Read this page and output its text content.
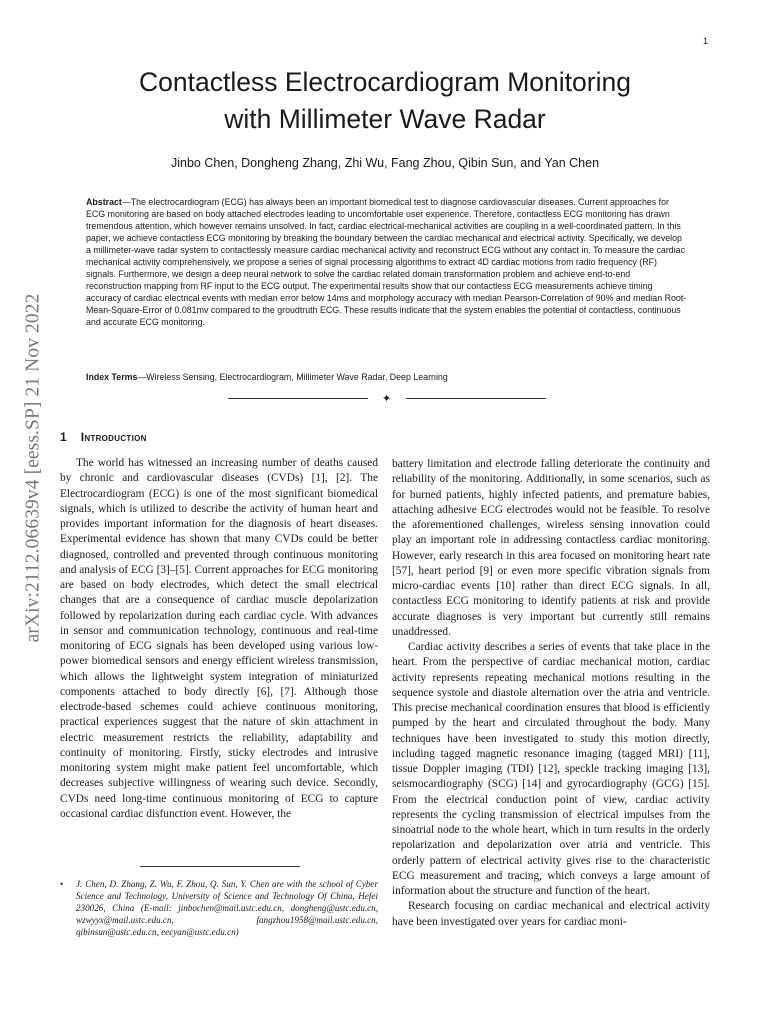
1
arXiv:2112.06639v4 [eess.SP] 21 Nov 2022
Contactless Electrocardiogram Monitoring
with Millimeter Wave Radar
Jinbo Chen, Dongheng Zhang, Zhi Wu, Fang Zhou, Qibin Sun, and Yan Chen
Abstract—The electrocardiogram (ECG) has always been an important biomedical test to diagnose cardiovascular diseases. Current approaches for ECG monitoring are based on body attached electrodes leading to uncomfortable user experience. Therefore, contactless ECG monitoring has drawn tremendous attention, which however remains unsolved. In fact, cardiac electrical-mechanical activities are coupling in a well-coordinated pattern. In this paper, we achieve contactless ECG monitoring by breaking the boundary between the cardiac mechanical and electrical activity. Specifically, we develop a millimeter-wave radar system to contactlessly measure cardiac mechanical activity and reconstruct ECG without any contact in. To measure the cardiac mechanical activity comprehensively, we propose a series of signal processing algorithms to extract 4D cardiac motions from radio frequency (RF) signals. Furthermore, we design a deep neural network to solve the cardiac related domain transformation problem and achieve end-to-end reconstruction mapping from RF input to the ECG output. The experimental results show that our contactless ECG measurements achieve timing accuracy of cardiac electrical events with median error below 14ms and morphology accuracy with median Pearson-Correlation of 90% and median Root-Mean-Square-Error of 0.081mv compared to the groudtruth ECG. These results indicate that the system enables the potential of contactless, continuous and accurate ECG monitoring.
Index Terms—Wireless Sensing, Electrocardiogram, Millimeter Wave Radar, Deep Learning
✦
1 Introduction

The world has witnessed an increasing number of deaths caused by chronic and cardiovascular diseases (CVDs) [1], [2]. The Electrocardiogram (ECG) is one of the most significant biomedical signals, which is utilized to describe the activity of human heart and provides important information for the diagnosis of heart diseases. Experimental evidence has shown that many CVDs could be better diagnosed, controlled and prevented through continuous monitoring and analysis of ECG [3]–[5]. Current approaches for ECG monitoring are based on body electrodes, which detect the small electrical changes that are a consequence of cardiac muscle depolarization followed by repolarization during each cardiac cycle. With advances in sensor and communication technology, continuous and real-time monitoring of ECG signals has been developed using various low-power biomedical sensors and energy efficient wireless transmission, which allows the lightweight system integration of miniaturized components attached to body directly [6], [7]. Although those electrode-based schemes could achieve continuous monitoring, practical experiences suggest that the nature of skin attachment in electric measurement restricts the reliability, adaptability and continuity of monitoring. Firstly, sticky electrodes and intrusive monitoring system might make patient feel uncomfortable, which decreases subjective willingness of wearing such device. Secondly, CVDs need long-time continuous monitoring of ECG to capture occasional cardiac disfunction event. However, the

• J. Chen, D. Zhang, Z. Wu, F. Zhou, Q. Sun, Y. Chen are with the school of Cyber Science and Technology, University of Science and Technology Of China, Hefei 230026, China (E-mail: jinbochen@mail.ustc.edu.cn, dongheng@ustc.edu.cn, wzwyyx@mail.ustc.edu.cn, fangzhou1958@mail.ustc.edu.cn, qibinsun@ustc.edu.cn, eecyan@ustc.edu.cn)

battery limitation and electrode falling deteriorate the continuity and reliability of the monitoring. Additionally, in some scenarios, such as for burned patients, highly infected patients, and premature babies, attaching adhesive ECG electrodes would not be feasible. To resolve the aforementioned challenges, wireless sensing innovation could play an important role in addressing contactless cardiac monitoring. However, early research in this area focused on monitoring heart rate [57], heart period [9] or even more specific vibration signals from micro-cardiac events [10] rather than direct ECG signals. In all, contactless ECG monitoring to identify patients at risk and provide accurate diagnoses is very important but currently still remains unaddressed.

Cardiac activity describes a series of events that take place in the heart. From the perspective of cardiac mechanical motion, cardiac activity represents repeating mechanical motions resulting in the sequence systole and diastole alternation over the atria and ventricle. This precise mechanical coordination ensures that blood is efficiently pumped by the heart and circulated throughout the body. Many techniques have been investigated to study this motion directly, including tagged magnetic resonance imaging (tagged MRI) [11], tissue Doppler imaging (TDI) [12], speckle tracking imaging [13], seismocardiography (SCG) [14] and gyrocardiography (GCG) [15]. From the electrical conduction point of view, cardiac activity represents the cycling transmission of electrical impulses from the sinoatrial node to the whole heart, which in turn results in the orderly repolarization and depolarization over atria and ventricle. This orderly pattern of electrical activity gives rise to the characteristic ECG measurement and tracing, which conveys a large amount of information about the structure and function of the heart.

Research focusing on cardiac mechanical and electrical activity have been investigated over years for cardiac moni-
